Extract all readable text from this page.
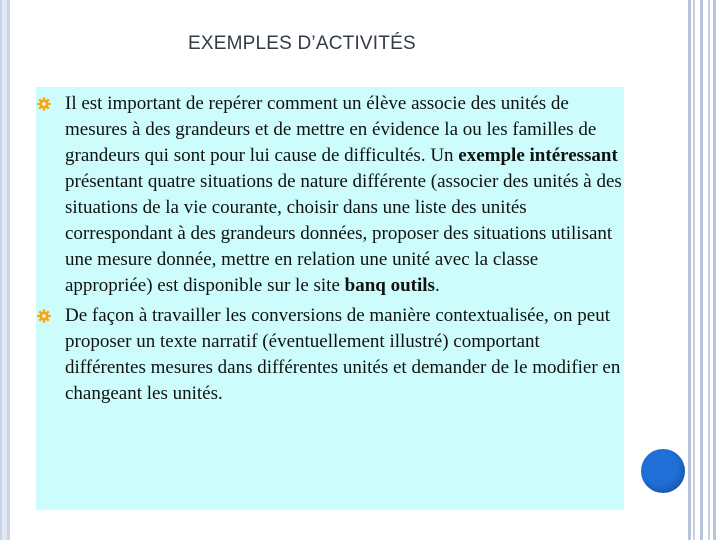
EXEMPLES D’ACTIVITÉS

Il est important de repérer comment un élève associe des unités de mesures à des grandeurs et de mettre en évidence la ou les familles de grandeurs qui sont pour lui cause de difficultés. Un exemple intéressant présentant quatre situations de nature différente (associer des unités à des situations de la vie courante, choisir dans une liste des unités correspondant à des grandeurs données, proposer des situations utilisant une mesure donnée, mettre en relation une unité avec la classe appropriée) est disponible sur le site banq outils.

De façon à travailler les conversions de manière contextualisée, on peut proposer un texte narratif (éventuellement illustré) comportant différentes mesures dans différentes unités et demander de le modifier en changeant les unités.
